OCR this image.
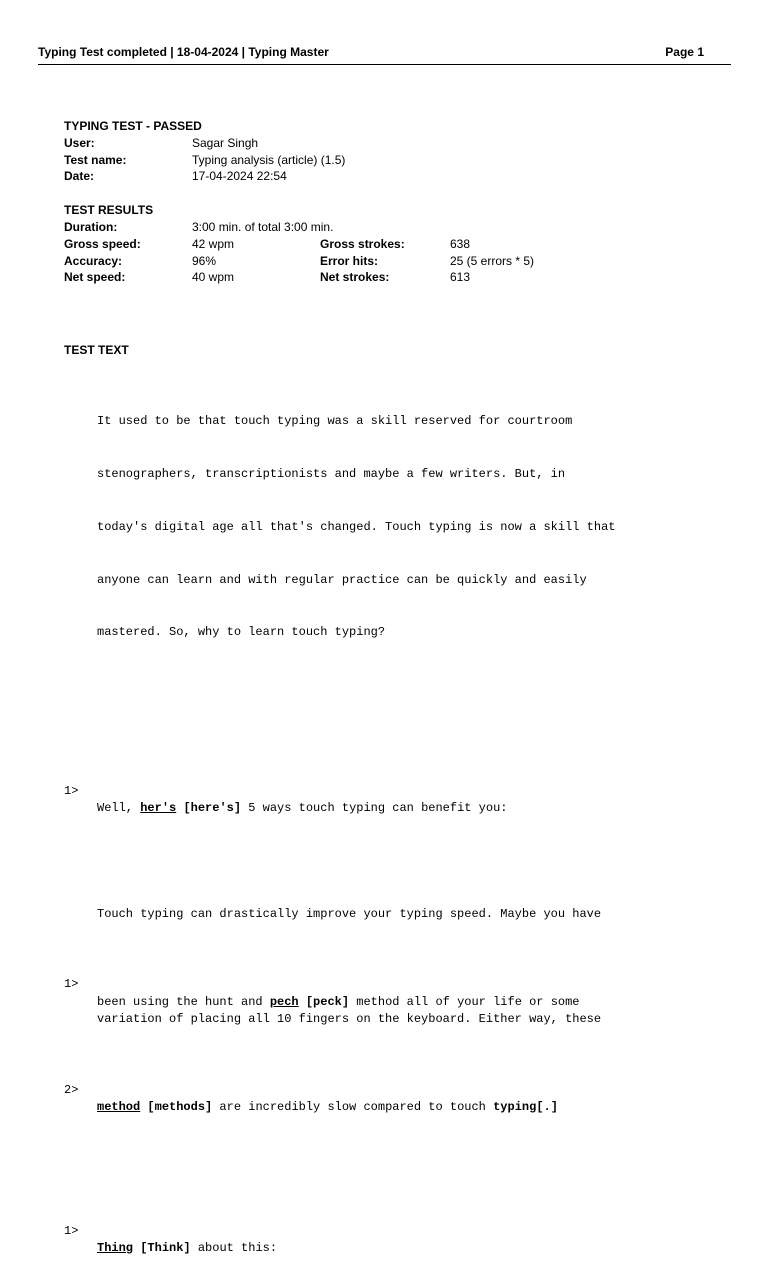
Typing Test completed | 18-04-2024 | Typing Master	Page 1
TYPING TEST - PASSED
User:	Sagar Singh
Test name:	Typing analysis (article) (1.5)
Date:	17-04-2024 22:54
TEST RESULTS
Duration:	3:00 min. of total 3:00 min.
Gross speed:	42 wpm	Gross strokes:	638
Accuracy:	96%	Error hits:	25 (5 errors * 5)
Net speed:	40 wpm	Net strokes:	613
TEST TEXT

It used to be that touch typing was a skill reserved for courtroom

stenographers, transcriptionists and maybe a few writers. But, in

today's digital age all that's changed. Touch typing is now a skill that

anyone can learn and with regular practice can be quickly and easily

mastered. So, why to learn touch typing?

1>

Well, her's [here's] 5 ways touch typing can benefit you:

Touch typing can drastically improve your typing speed. Maybe you have

1>

been using the hunt and pech [peck] method all of your life or some

variation of placing all 10 fingers on the keyboard. Either way, these

2>

method [methods] are incredibly slow compared to touch typing[.]

1>

Thing [Think] about this:
